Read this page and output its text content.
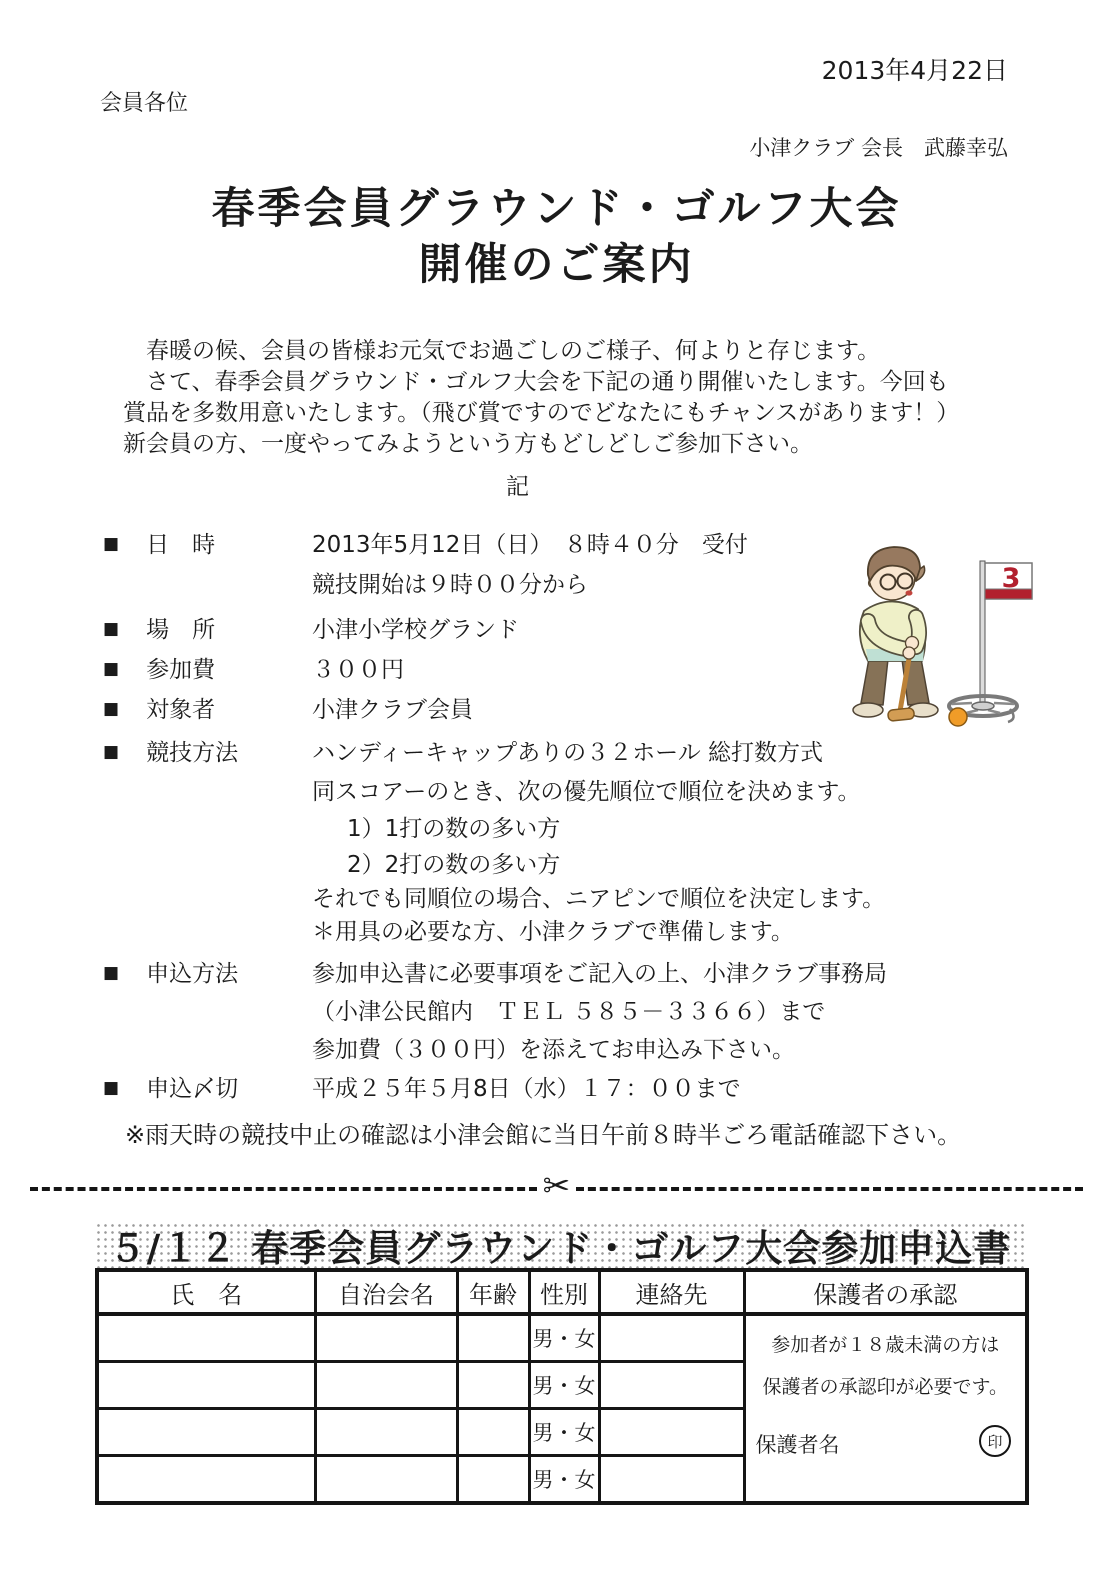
2013年4月22日
会員各位
小津クラブ 会長　武藤幸弘
春季会員グラウンド・ゴルフ大会
開催のご案内
　春暖の候、会員の皆様お元気でお過ごしのご様子、何よりと存じます。
　さて、春季会員グラウンド・ゴルフ大会を下記の通り開催いたします。今回も
賞品を多数用意いたします。（飛び賞ですのでどなたにもチャンスがあります！）
新会員の方、一度やってみようという方もどしどしご参加下さい。
記
■ 日　時	2013年5月12日（日）　８時４０分　受付
競技開始は９時００分から
■ 場　所	小津小学校グランド
■ 参加費	３００円
■ 対象者	小津クラブ会員
■ 競技方法	ハンディーキャップありの３２ホール 総打数方式
同スコアーのとき、次の優先順位で順位を決めます。
1）1打の数の多い方
2）2打の数の多い方
それでも同順位の場合、ニアピンで順位を決定します。
＊用具の必要な方、小津クラブで準備します。
■ 申込方法	参加申込書に必要事項をご記入の上、小津クラブ事務局
（小津公民館内　ＴＥＬ ５８５－３３６６）まで
参加費（３００円）を添えてお申込み下さい。
■ 申込〆切	平成２５年５月8日（水）１７：００まで
※雨天時の競技中止の確認は小津会館に当日午前８時半ごろ電話確認下さい。
3
✂
５/１２ 春季会員グラウンド・ゴルフ大会参加申込書
氏　名	自治会名	年齢	性別	連絡先	保護者の承認
			男・女		参加者が１８歳未満の方は
保護者の承認印が必要です。
保護者名 印

			男・女		
			男・女		
			男・女		
